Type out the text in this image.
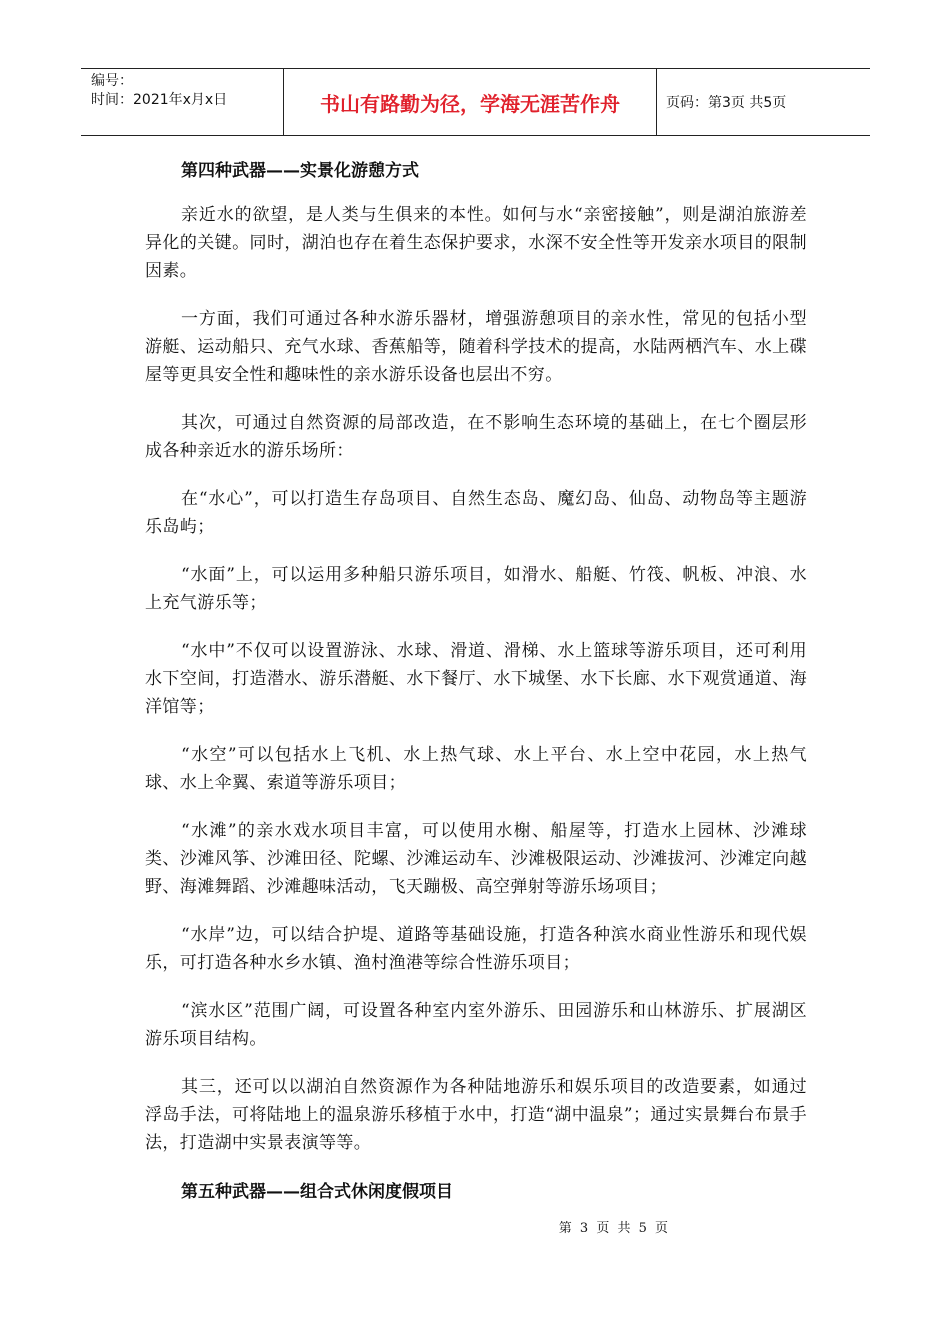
编号：
时间：2021年x月x日	书山有路勤为径，学海无涯苦作舟	页码：第3页 共5页

第四种武器——实景化游憩方式

亲近水的欲望，是人类与生俱来的本性。如何与水“亲密接触”，则是湖泊旅游差异化的关键。同时，湖泊也存在着生态保护要求，水深不安全性等开发亲水项目的限制因素。

一方面，我们可通过各种水游乐器材，增强游憩项目的亲水性，常见的包括小型游艇、运动船只、充气水球、香蕉船等，随着科学技术的提高，水陆两栖汽车、水上碟屋等更具安全性和趣味性的亲水游乐设备也层出不穷。

其次，可通过自然资源的局部改造，在不影响生态环境的基础上，在七个圈层形成各种亲近水的游乐场所：

在“水心”，可以打造生存岛项目、自然生态岛、魔幻岛、仙岛、动物岛等主题游乐岛屿；

“水面”上，可以运用多种船只游乐项目，如滑水、船艇、竹筏、帆板、冲浪、水上充气游乐等；

“水中”不仅可以设置游泳、水球、滑道、滑梯、水上篮球等游乐项目，还可利用水下空间，打造潜水、游乐潜艇、水下餐厅、水下城堡、水下长廊、水下观赏通道、海洋馆等；

“水空”可以包括水上飞机、水上热气球、水上平台、水上空中花园，水上热气球、水上伞翼、索道等游乐项目；

“水滩”的亲水戏水项目丰富，可以使用水榭、船屋等，打造水上园林、沙滩球类、沙滩风筝、沙滩田径、陀螺、沙滩运动车、沙滩极限运动、沙滩拔河、沙滩定向越野、海滩舞蹈、沙滩趣味活动，飞天蹦极、高空弹射等游乐场项目；

“水岸”边，可以结合护堤、道路等基础设施，打造各种滨水商业性游乐和现代娱乐，可打造各种水乡水镇、渔村渔港等综合性游乐项目；

“滨水区”范围广阔，可设置各种室内室外游乐、田园游乐和山林游乐、扩展湖区游乐项目结构。

其三，还可以以湖泊自然资源作为各种陆地游乐和娱乐项目的改造要素，如通过浮岛手法，可将陆地上的温泉游乐移植于水中，打造“湖中温泉”；通过实景舞台布景手法，打造湖中实景表演等等。

第五种武器——组合式休闲度假项目

第 3 页 共 5 页
